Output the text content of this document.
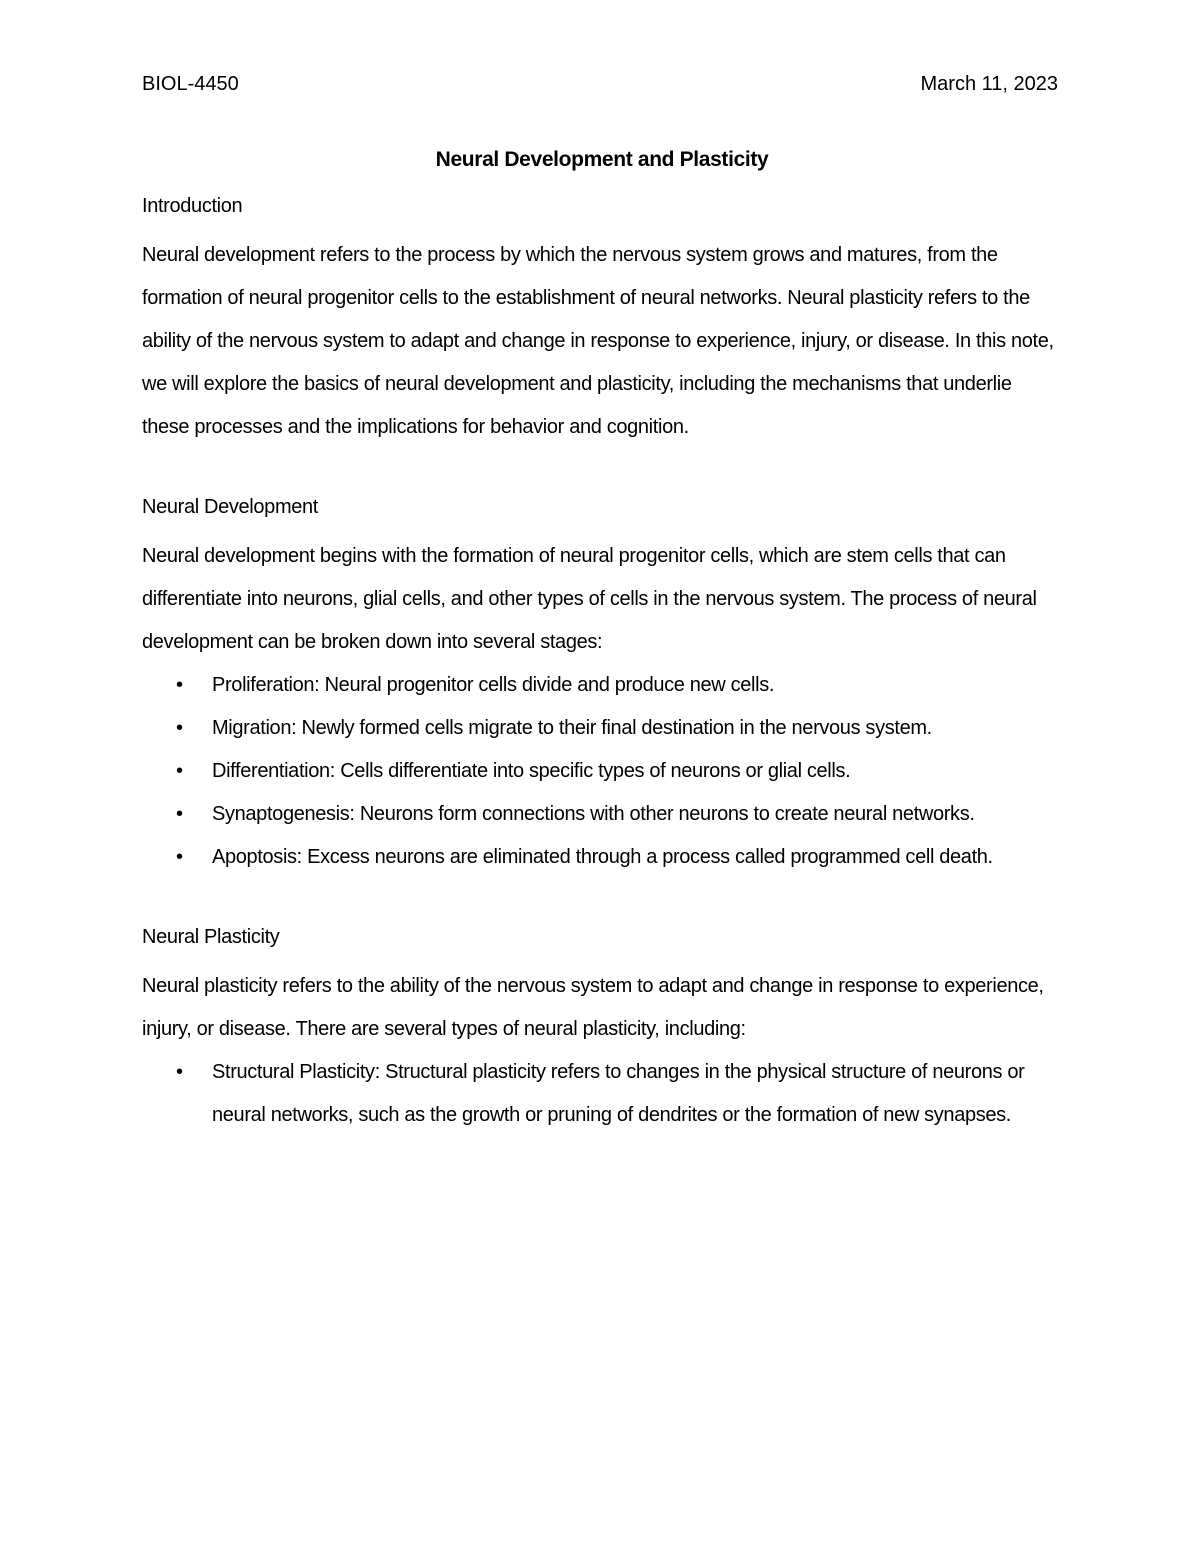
BIOL-4450	March 11, 2023
Neural Development and Plasticity
Introduction

Neural development refers to the process by which the nervous system grows and matures, from the formation of neural progenitor cells to the establishment of neural networks. Neural plasticity refers to the ability of the nervous system to adapt and change in response to experience, injury, or disease. In this note, we will explore the basics of neural development and plasticity, including the mechanisms that underlie these processes and the implications for behavior and cognition.

Neural Development

Neural development begins with the formation of neural progenitor cells, which are stem cells that can differentiate into neurons, glial cells, and other types of cells in the nervous system. The process of neural development can be broken down into several stages:

• Proliferation: Neural progenitor cells divide and produce new cells.
• Migration: Newly formed cells migrate to their final destination in the nervous system.
• Differentiation: Cells differentiate into specific types of neurons or glial cells.
• Synaptogenesis: Neurons form connections with other neurons to create neural networks.
• Apoptosis: Excess neurons are eliminated through a process called programmed cell death.
Neural Plasticity

Neural plasticity refers to the ability of the nervous system to adapt and change in response to experience, injury, or disease. There are several types of neural plasticity, including:

• Structural Plasticity: Structural plasticity refers to changes in the physical structure of neurons or neural networks, such as the growth or pruning of dendrites or the formation of new synapses.
